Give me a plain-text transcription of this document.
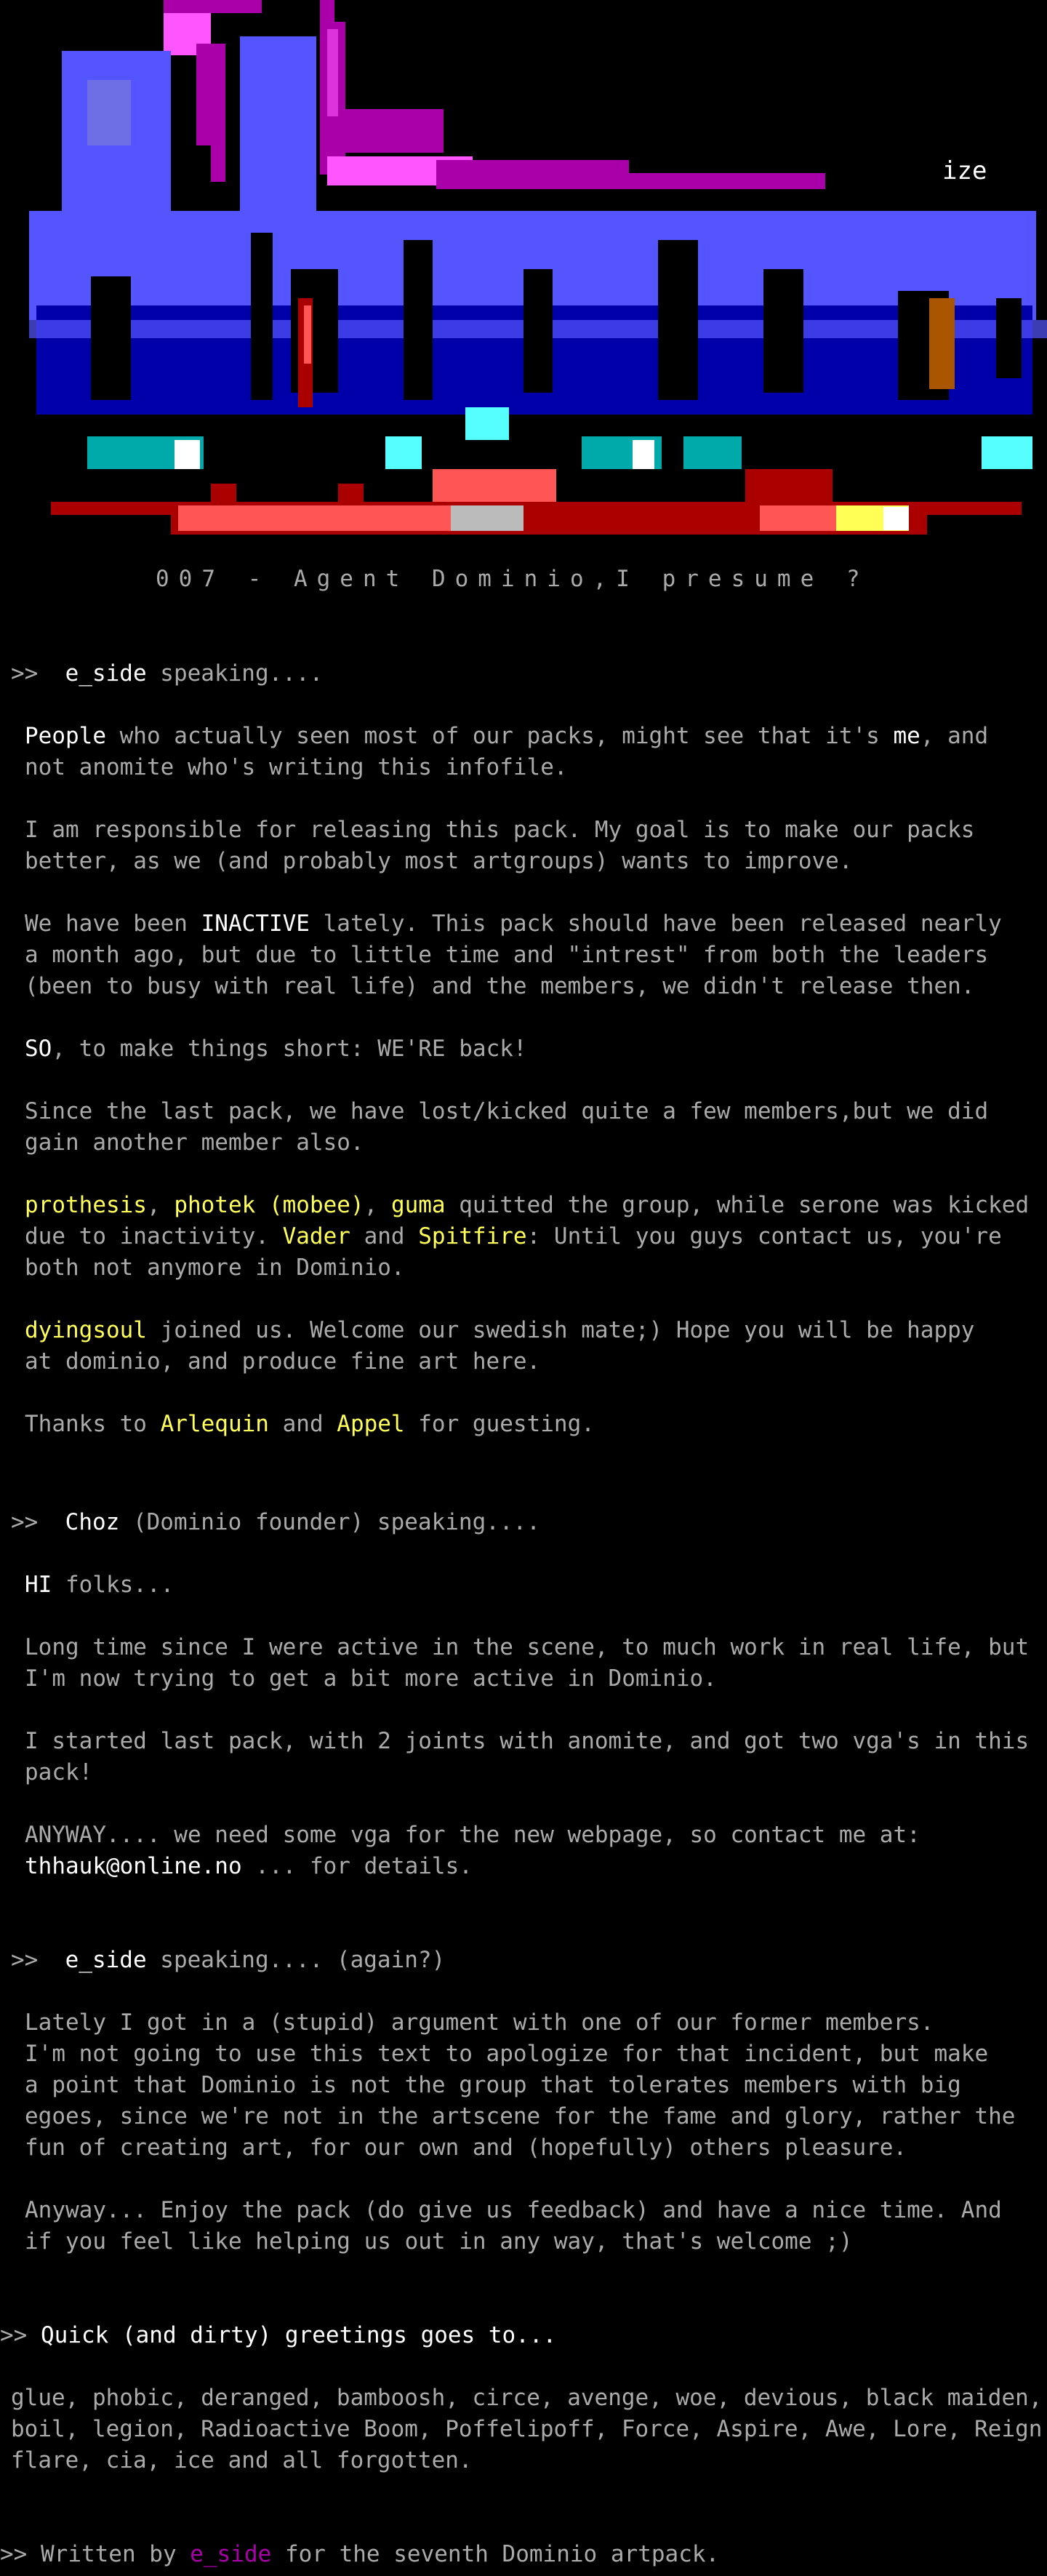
ize
007 - Agent Dominio,I presume ?
>> e_side speaking....
People who actually seen most of our packs, might see that it's me, and
not anomite who's writing this infofile.
I am responsible for releasing this pack. My goal is to make our packs
better, as we (and probably most artgroups) wants to improve.
We have been INACTIVE lately. This pack should have been released nearly
a month ago, but due to little time and "intrest" from both the leaders
(been to busy with real life) and the members, we didn't release then.
SO, to make things short: WE'RE back!
Since the last pack, we have lost/kicked quite a few members,but we did
gain another member also.
prothesis, photek (mobee), guma quitted the group, while serone was kicked
due to inactivity. Vader and Spitfire: Until you guys contact us, you're
both not anymore in Dominio.
dyingsoul joined us. Welcome our swedish mate;) Hope you will be happy
at dominio, and produce fine art here.
Thanks to Arlequin and Appel for guesting.
>> Choz (Dominio founder) speaking....
HI folks...
Long time since I were active in the scene, to much work in real life, but
I'm now trying to get a bit more active in Dominio.
I started last pack, with 2 joints with anomite, and got two vga's in this
pack!
ANYWAY.... we need some vga for the new webpage, so contact me at:
thhauk@online.no ... for details.
>> e_side speaking.... (again?)
Lately I got in a (stupid) argument with one of our former members.
I'm not going to use this text to apologize for that incident, but make
a point that Dominio is not the group that tolerates members with big
egoes, since we're not in the artscene for the fame and glory, rather the
fun of creating art, for our own and (hopefully) others pleasure.
Anyway... Enjoy the pack (do give us feedback) and have a nice time. And
if you feel like helping us out in any way, that's welcome ;)
>> Quick (and dirty) greetings goes to...
glue, phobic, deranged, bamboosh, circe, avenge, woe, devious, black maiden,
boil, legion, Radioactive Boom, Poffelipoff, Force, Aspire, Awe, Lore, Reign
flare, cia, ice and all forgotten.
>> Written by e_side for the seventh Dominio artpack.
